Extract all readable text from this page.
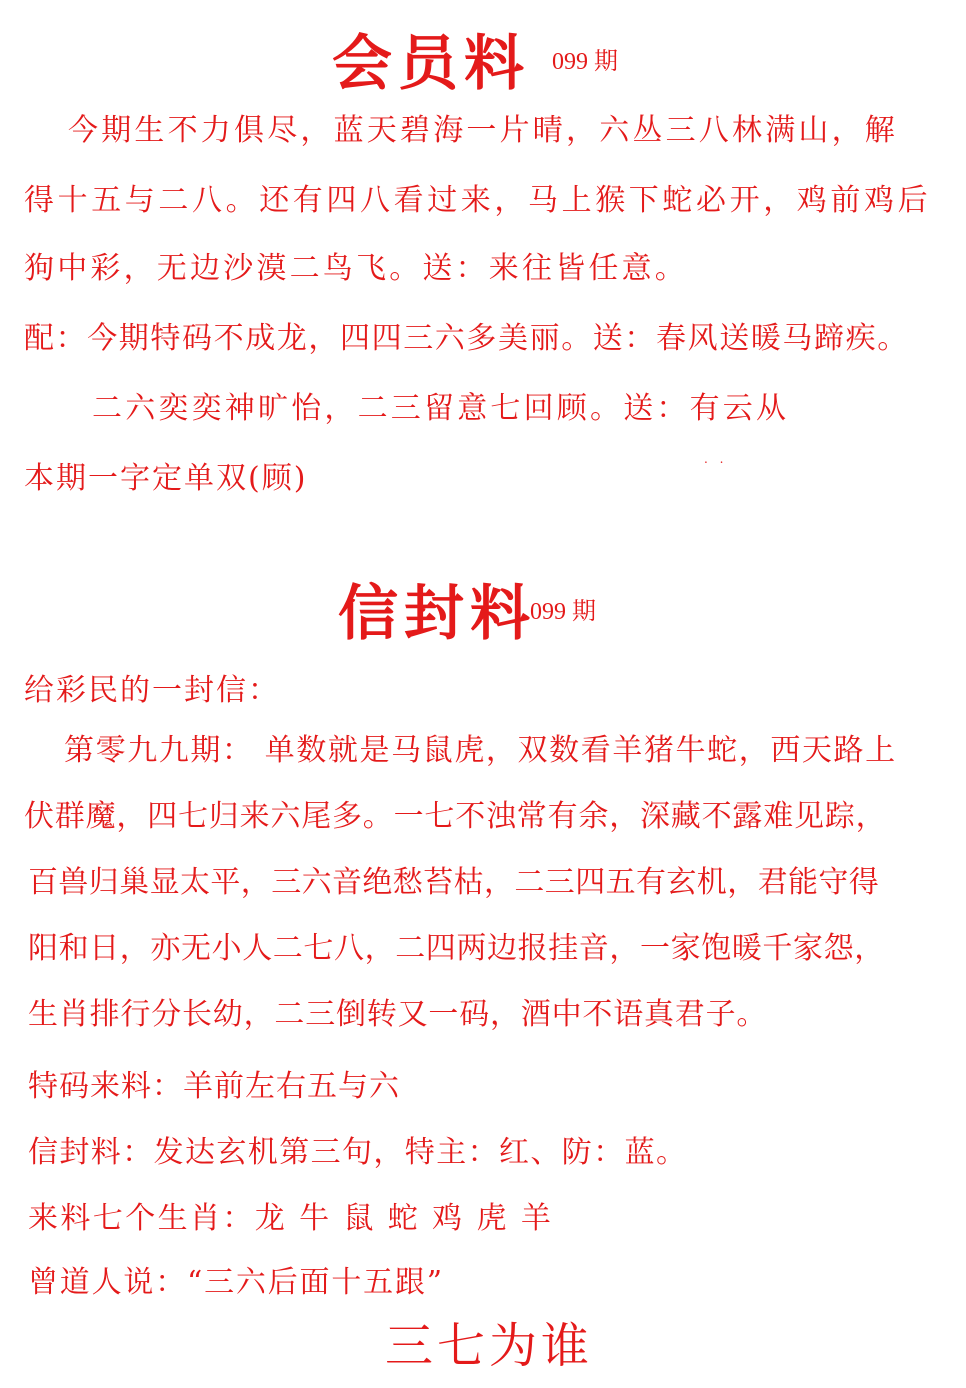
会员料 099 期
今期生不力俱尽，蓝天碧海一片晴，六丛三八林满山，解
得十五与二八。还有四八看过来，马上猴下蛇必开，鸡前鸡后
狗中彩，无边沙漠二鸟飞。送：来往皆任意。
配：今期特码不成龙，四四三六多美丽。送：春风送暖马蹄疾。
二六奕奕神旷怡，二三留意七回顾。送：有云从
. .
本期一字定单双(顾)
信封料
099 期
给彩民的一封信：
第零九九期： 单数就是马鼠虎，双数看羊猪牛蛇，西天路上
伏群魔，四七归来六尾多。一七不浊常有余，深藏不露难见踪，
百兽归巢显太平，三六音绝愁苔枯，二三四五有玄机，君能守得
阳和日，亦无小人二七八，二四两边报挂音，一家饱暖千家怨，
生肖排行分长幼，二三倒转又一码，酒中不语真君子。
特码来料：羊前左右五与六
信封料：发达玄机第三句，特主：红、防：蓝。
来料七个生肖：龙 牛 鼠 蛇 鸡 虎 羊
曾道人说：“三六后面十五跟”
三七为谁
